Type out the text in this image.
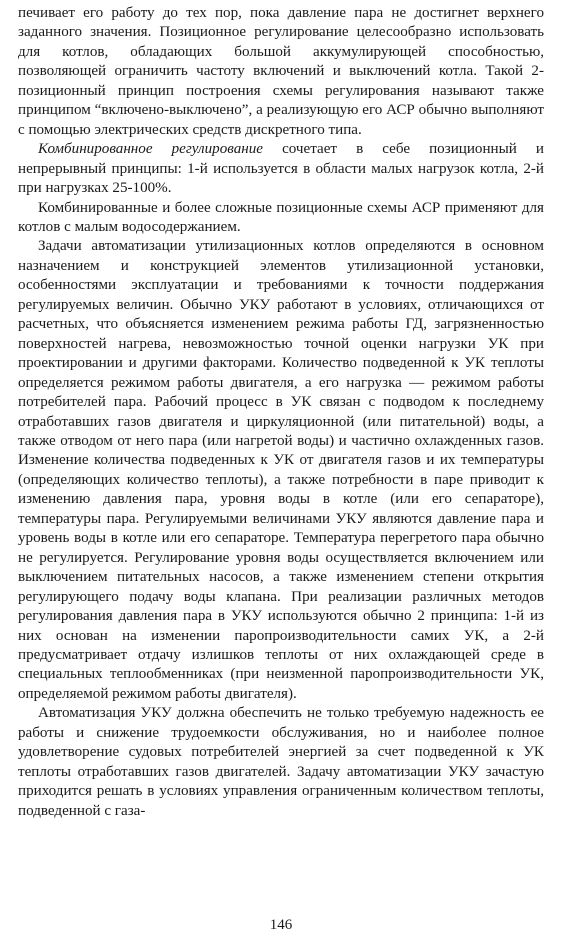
печивает его работу до тех пор, пока давление пара не достигнет верхнего заданного значения. Позиционное регулирование целесообразно использовать для котлов, обладающих большой аккумулирующей способностью, позволяющей ограничить частоту включений и выключений котла. Такой 2-позиционный принцип построения схемы регулирования называют также принципом “включено-выключено”, а реализующую его АСР обычно выполняют с помощью электрических средств дискретного типа.

Комбинированное регулирование сочетает в себе позиционный и непрерывный принципы: 1-й используется в области малых нагрузок котла, 2-й при нагрузках 25-100%.

Комбинированные и более сложные позиционные схемы АСР применяют для котлов с малым водосодержанием.

Задачи автоматизации утилизационных котлов определяются в основном назначением и конструкцией элементов утилизационной установки, особенностями эксплуатации и требованиями к точности поддержания регулируемых величин. Обычно УКУ работают в условиях, отличающихся от расчетных, что объясняется изменением режима работы ГД, загрязненностью поверхностей нагрева, невозможностью точной оценки нагрузки УК при проектировании и другими факторами. Количество подведенной к УК теплоты определяется режимом работы двигателя, а его нагрузка — режимом работы потребителей пара. Рабочий процесс в УК связан с подводом к последнему отработавших газов двигателя и циркуляционной (или питательной) воды, а также отводом от него пара (или нагретой воды) и частично охлажденных газов. Изменение количества подведенных к УК от двигателя газов и их температуры (определяющих количество теплоты), а также потребности в паре приводит к изменению давления пара, уровня воды в котле (или его сепараторе), температуры пара. Регулируемыми величинами УКУ являются давление пара и уровень воды в котле или его сепараторе. Температура перегретого пара обычно не регулируется. Регулирование уровня воды осуществляется включением или выключением питательных насосов, а также изменением степени открытия регулирующего подачу воды клапана. При реализации различных методов регулирования давления пара в УКУ используются обычно 2 принципа: 1-й из них основан на изменении паропроизводительности самих УК, а 2-й предусматривает отдачу излишков теплоты от них охлаждающей среде в специальных теплообменниках (при неизменной паропроизводительности УК, определяемой режимом работы двигателя).

Автоматизация УКУ должна обеспечить не только требуемую надежность ее работы и снижение трудоемкости обслуживания, но и наиболее полное удовлетворение судовых потребителей энергией за счет подведенной к УК теплоты отработавших газов двигателей. Задачу автоматизации УКУ зачастую приходится решать в условиях управления ограниченным количеством теплоты, подведенной с газа-

146
